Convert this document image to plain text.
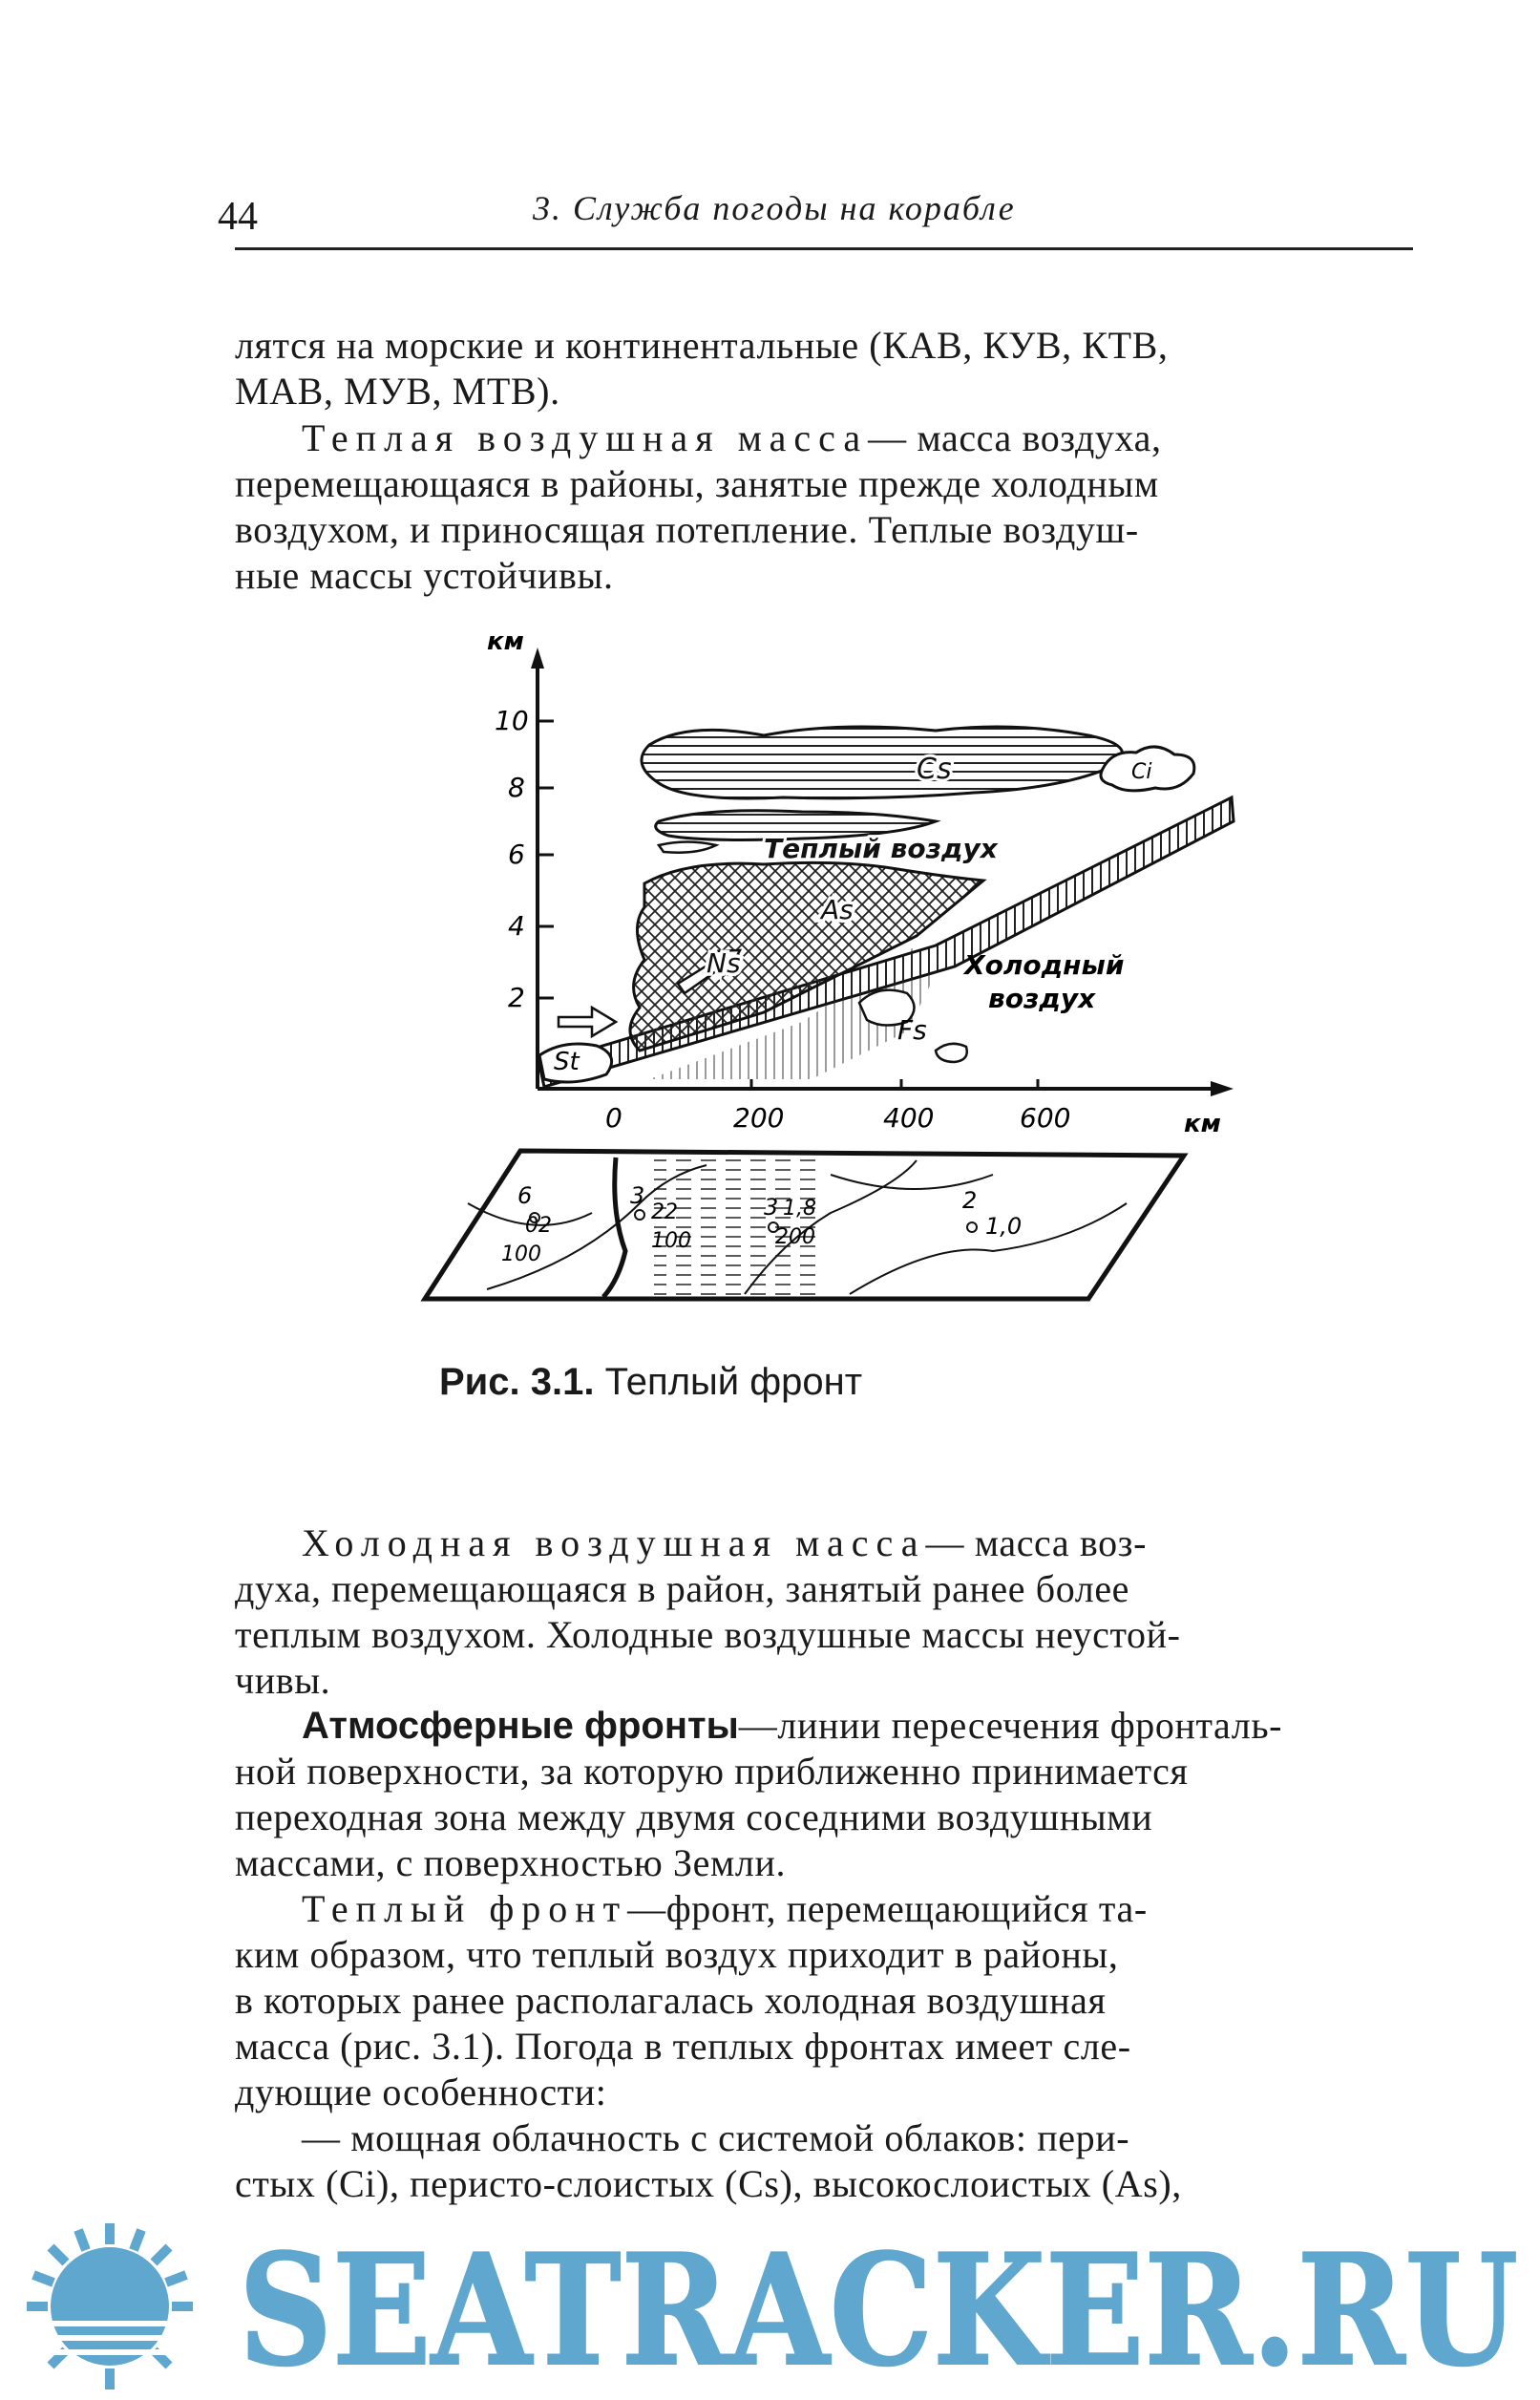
44	3. Служба погоды на корабле
лятся на морские и континентальные (КАВ, КУВ, КТВ,
МАВ, МУВ, МТВ).
Теплая воздушная масса— масса воздуха,
перемещающаяся в районы, занятые прежде холодным
воздухом, и приносящая потепление. Теплые воздуш-
ные массы устойчивы.
км
км
10
8
6
4
2
0	200	400	600
Cs	Ci
Теплый воздух
As
Ns
St
Fs
Холодный
воздух
6
02
100
3
22
100
3 1,8
200
2
1,0
Рис. 3.1. Теплый фронт
Холодная воздушная масса— масса воз-
духа, перемещающаяся в район, занятый ранее более
теплым воздухом. Холодные воздушные массы неустой-
чивы.
Атмосферные фронты—линии пересечения фронталь-
ной поверхности, за которую приближенно принимается
переходная зона между двумя соседними воздушными
массами, с поверхностью Земли.
Теплый фронт—фронт, перемещающийся та-
ким образом, что теплый воздух приходит в районы,
в которых ранее располагалась холодная воздушная
масса (рис. 3.1). Погода в теплых фронтах имеет сле-
дующие особенности:
— мощная облачность с системой облаков: пери-
стых (Ci), перисто-слоистых (Cs), высокослоистых (As),
SEATRACKER.RU
